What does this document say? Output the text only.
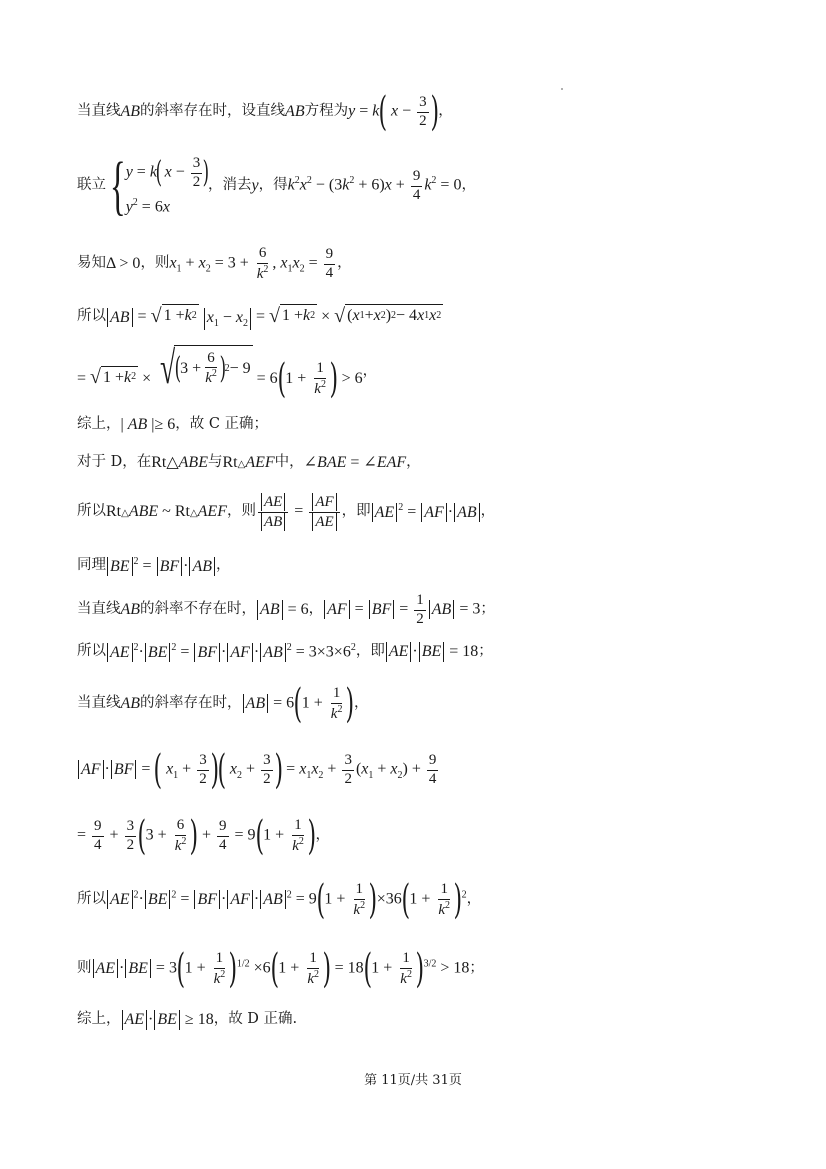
当直线 AB 的斜率存在时，设直线 AB 方程为 y = k( $x - \frac{3}{2}$ ) ，
联立 { y = k( $x - \frac{3}{2}$ )
$y^2 = 6x$
，消去 y ，得 $k^2x^2 - (3k^2 + 6)x + \frac{9}{4} k^2 = 0$ ，
易知 Δ > 0 ，则 $x_1 + x_2 = 3 + \frac{6}{k^2}$ , $x_1x_2 = \frac{9}{4}$ ，
所以 AB = √ 1 + k 2 $x_1 - x_2$ = √ 1 + k 2 × √ ( x 1 + x 2 ) 2 − 4 x 1 x 2
= √ 1 + k 2 × √ (
3 +
6
$k^2$ )
2 − 9
= $6(1 + \frac{1}{k^2}$ ) > 6 ，
综上， | AB |≥ 6 ，故 C 正确；
对于 D，在 Rt△ABE 与 Rt△AEF 中， ∠BAE = ∠EAF ，
所以 Rt△ABE ~ Rt△AEF ，则 $\frac{AE}{AB} = \frac{AF}{AE}$ ，即 AE $^2$ = AF · AB ，
同理 BE $^2$ = BF · AB ，
当直线 AB 的斜率不存在时， AB = 6 ， AF = BF = $\frac{1}{2}$ AB = 3 ；
所以 AE $^2$· BE $^2$ = BF · AF · AB $^2 = 3\times 3\times 6^2$ ，即 AE · BE = 18 ；
当直线 AB 的斜率存在时， AB = $6(1 + \frac{1}{k^2}$ ) ，
AF · BF = ( $x_1 + \frac{3}{2}$ )( $x_2 + \frac{3}{2}$ ) = $x_1x_2 + \frac{3}{2} (x_1 + x_2) + \frac{9}{4}$
= $\frac{9}{4} + \frac{3}{2} (3 + \frac{6}{k^2}$ ) + $\frac{9}{4} = 9(1 + \frac{1}{k^2}$ ) ，
所以 AE $^2$· BE $^2$ = BF · AF · AB $^2 = 9(1 + \frac{1}{k^2} )\times 36(1 + \frac{1}{k^2} )^2$ ，
则 AE · BE = $3(1 + \frac{1}{k^2} )^{1/2} \times 6(1 + \frac{1}{k^2}$ ) = $18(1 + \frac{1}{k^2} )^{3/2} > 18$ ；
综上， AE · BE ≥ 18 ，故 D 正确.
第 11页/共 31页
